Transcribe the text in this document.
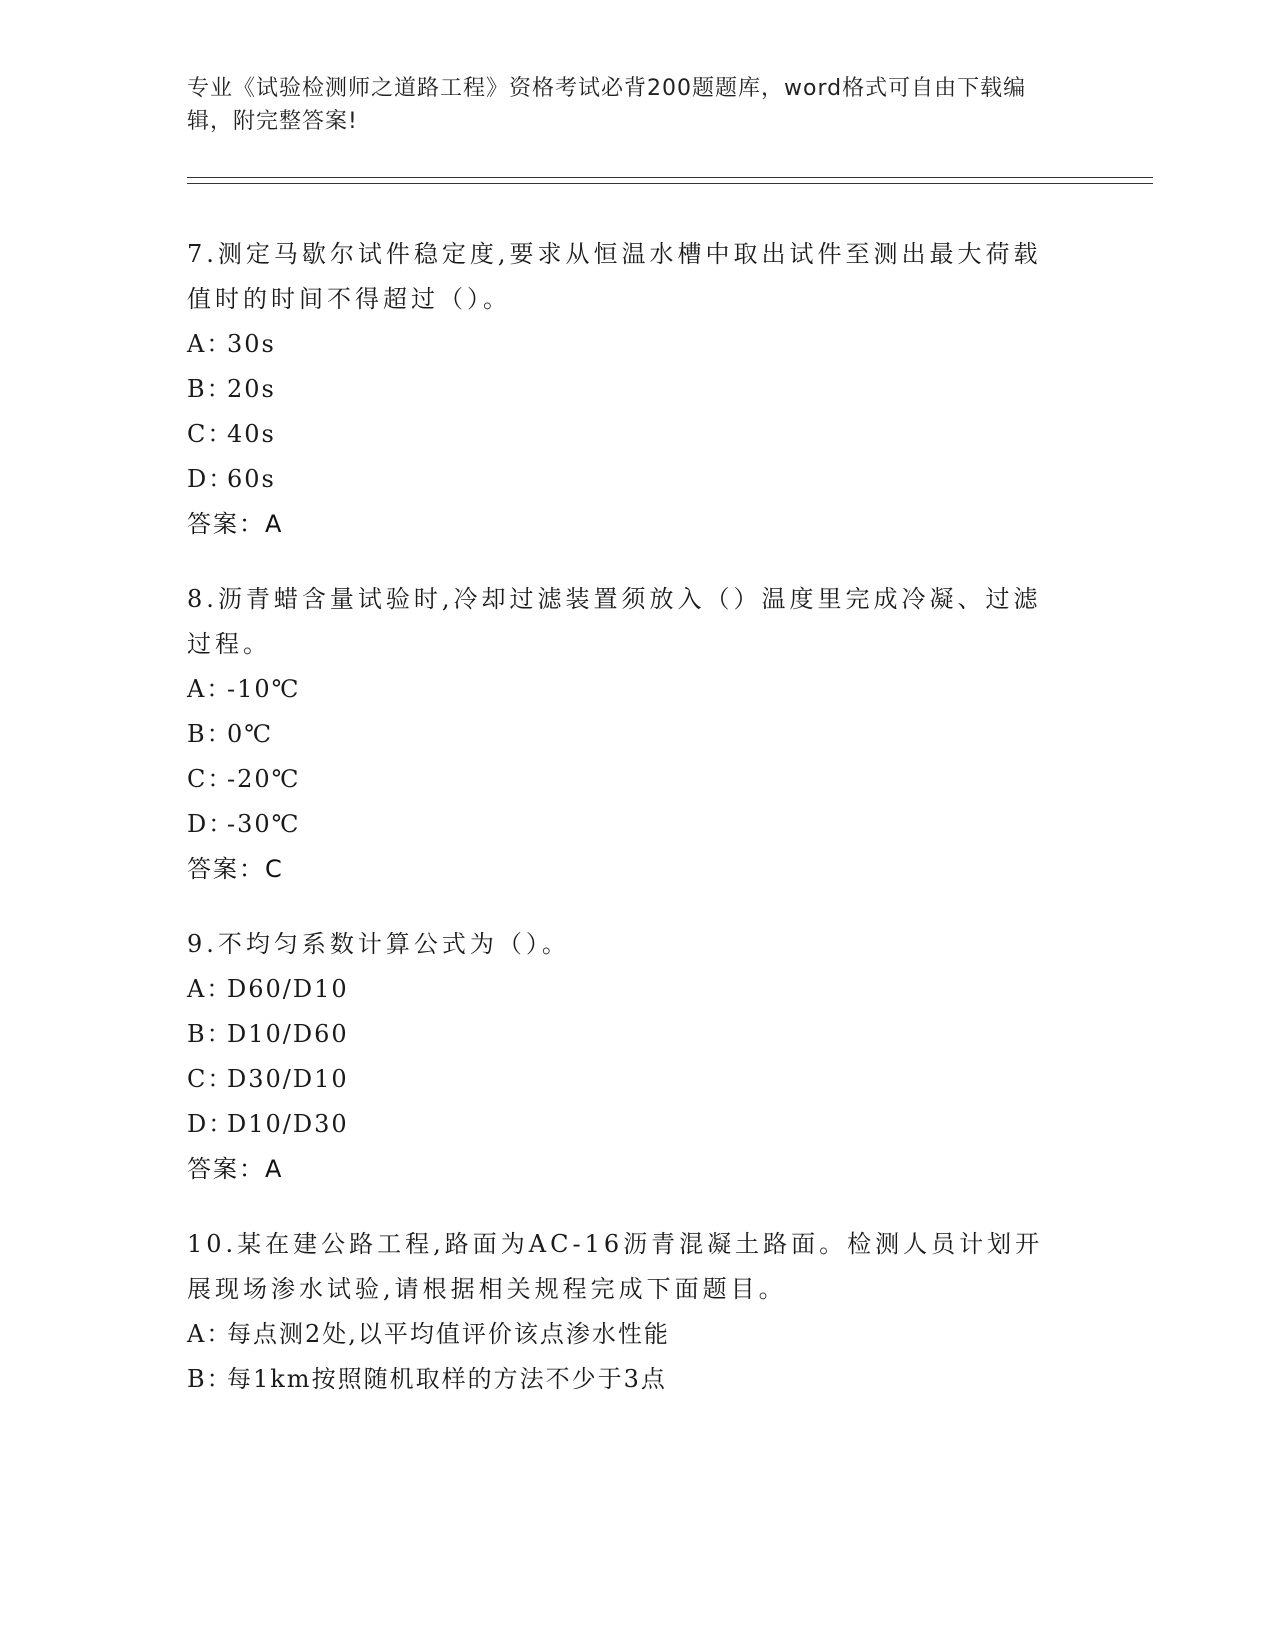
专业《试验检测师之道路工程》资格考试必背200题题库，word格式可自由下载编辑，附完整答案!
7.测定马歇尔试件稳定度,要求从恒温水槽中取出试件至测出最大荷载值时的时间不得超过（）。
A：30s
B：20s
C：40s
D：60s
答案：A
8.沥青蜡含量试验时,冷却过滤装置须放入（）温度里完成冷凝、过滤过程。
A：-10℃
B：0℃
C：-20℃
D：-30℃
答案：C
9.不均匀系数计算公式为（）。
A：D60/D10
B：D10/D60
C：D30/D10
D：D10/D30
答案：A
10.某在建公路工程,路面为AC-16沥青混凝土路面。检测人员计划开展现场渗水试验,请根据相关规程完成下面题目。
A：每点测2处,以平均值评价该点渗水性能
B：每1km按照随机取样的方法不少于3点
